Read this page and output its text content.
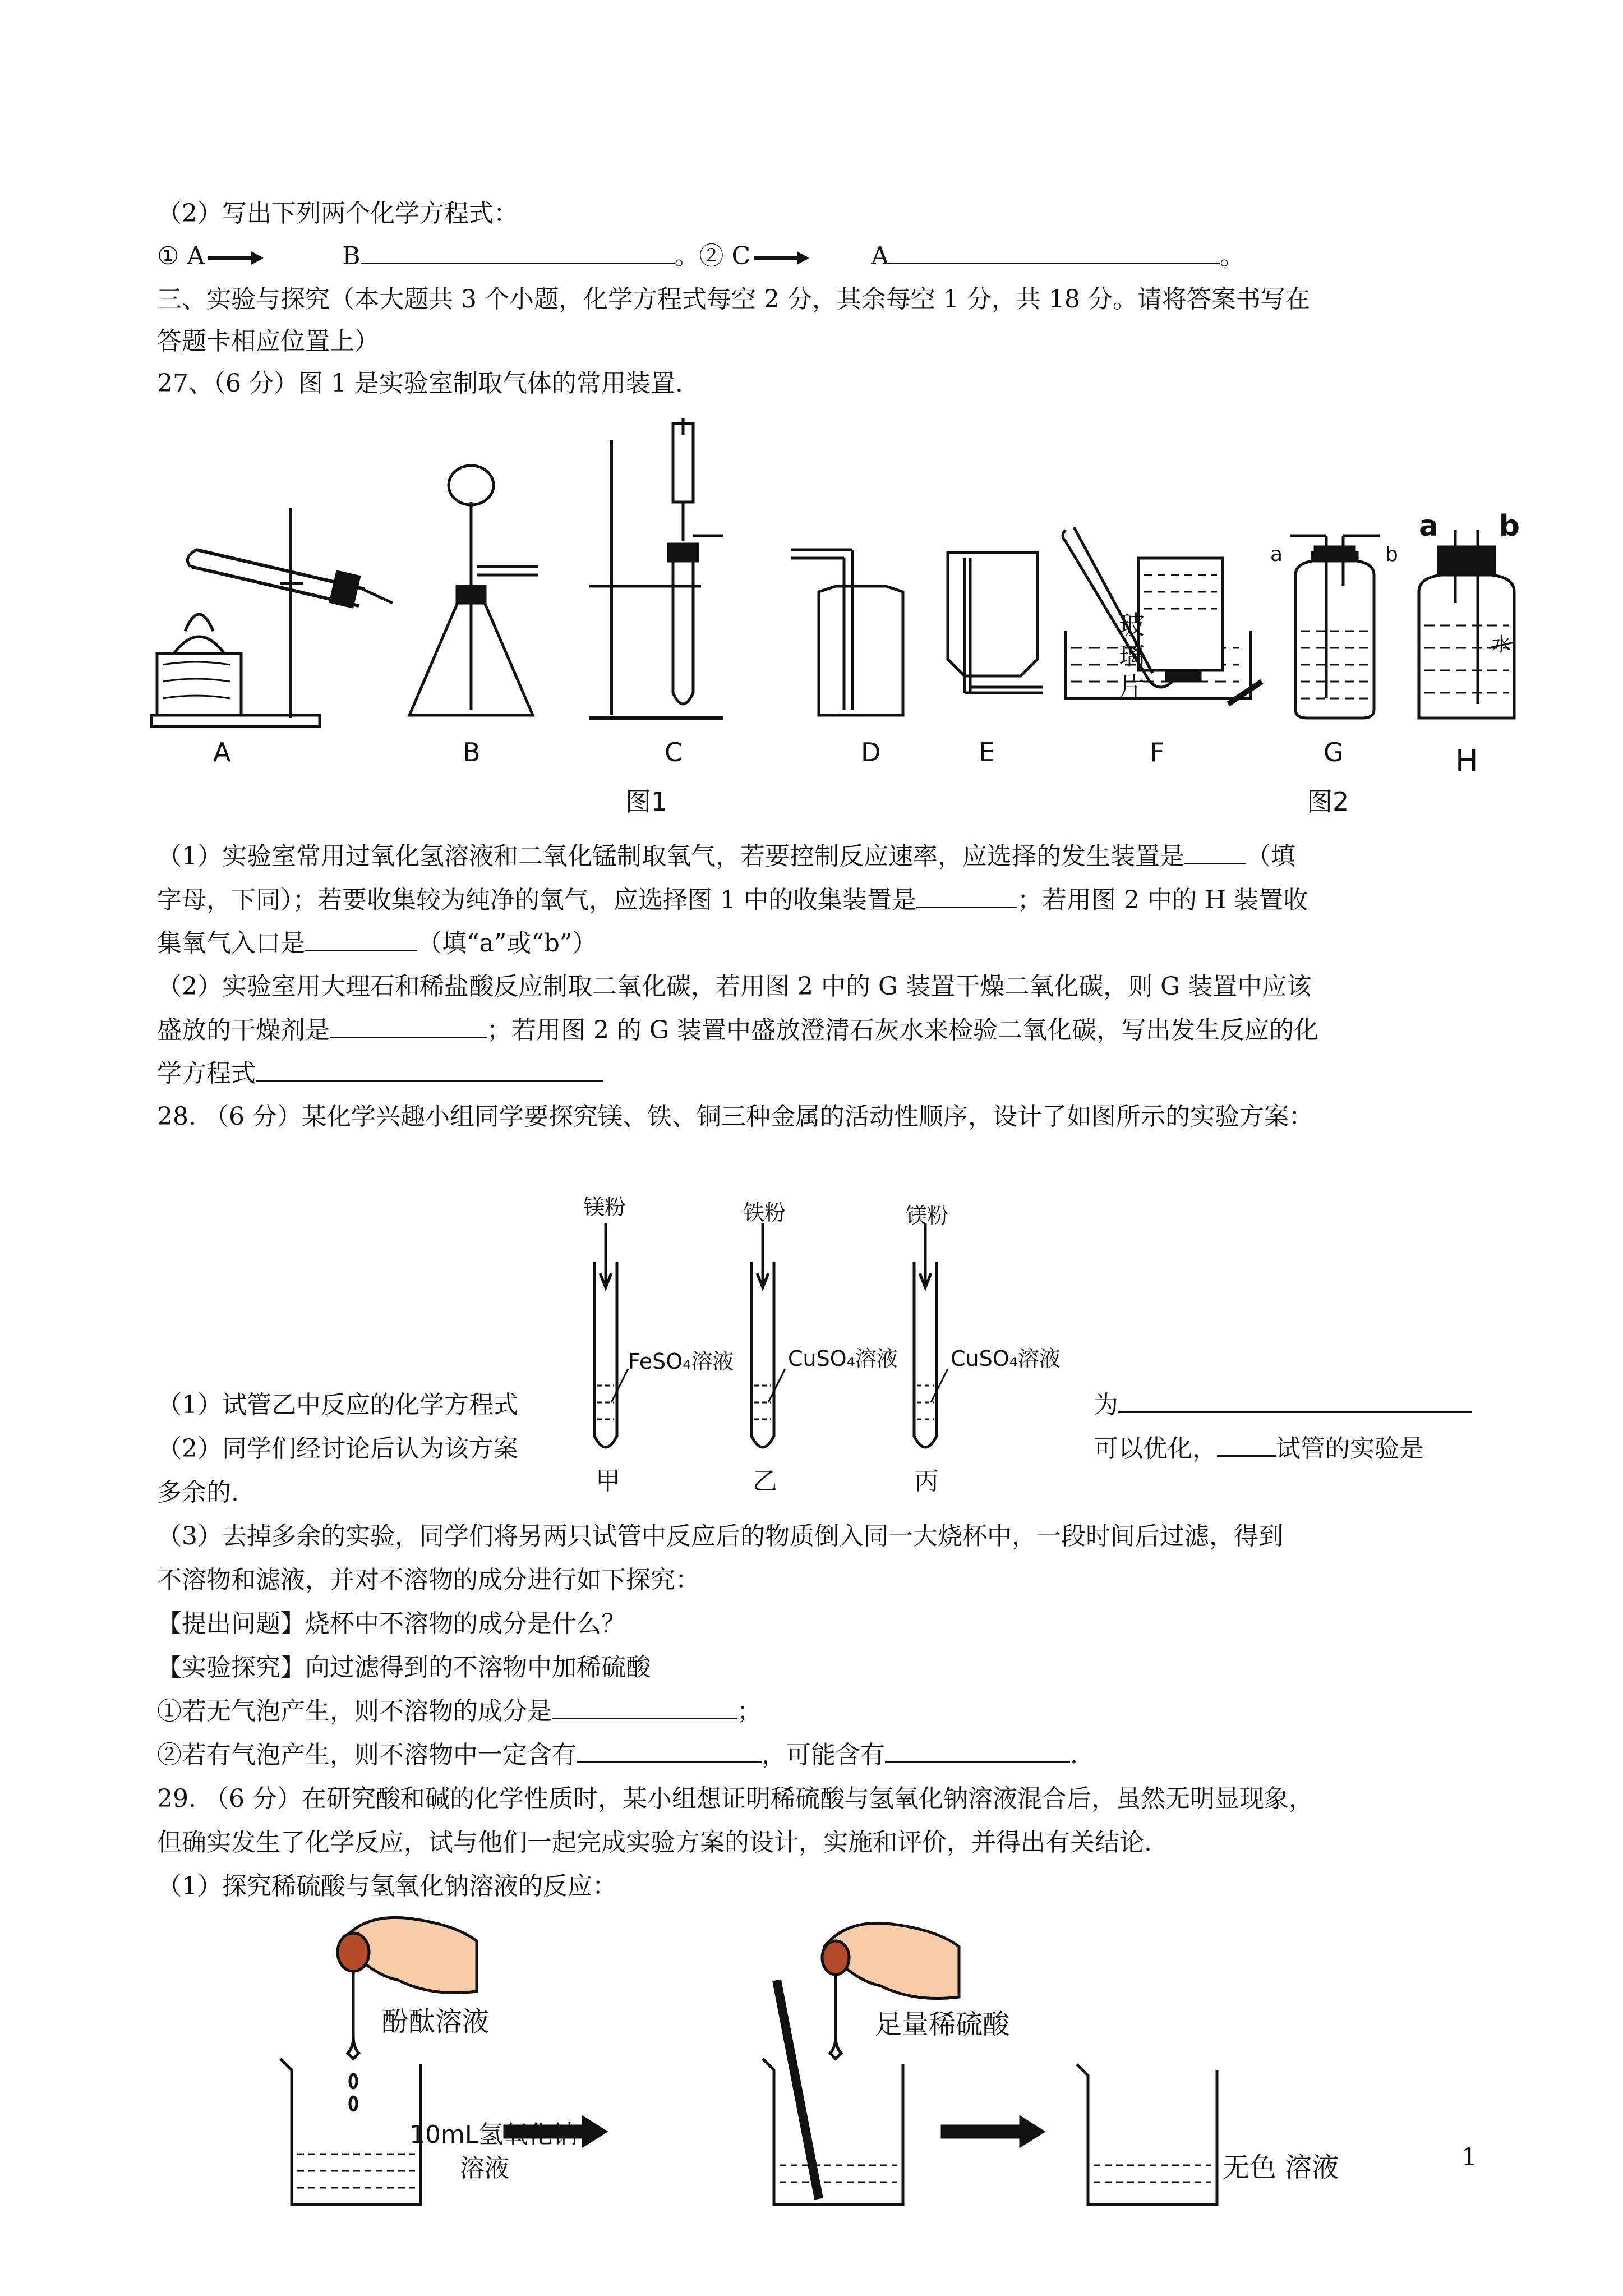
（2）写出下列两个化学方程式：
① A	B	。② C	A	。
三、实验与探究（本大题共 3 个小题，化学方程式每空 2 分，其余每空 1 分，共 18 分。请将答案书写在
答题卡相应位置上）
27、（6 分）图 1 是实验室制取气体的常用装置.
A	B	C	D	E	F	G	H
图1	图2
玻
璃
片
a	b
a b
水
（1）实验室常用过氧化氢溶液和二氧化锰制取氧气，若要控制反应速率，应选择的发生装置是	（填
字母，下同）；若要收集较为纯净的氧气，应选择图 1 中的收集装置是	；若用图 2 中的 H 装置收
集氧气入口是	（填“a”或“b”）
（2）实验室用大理石和稀盐酸反应制取二氧化碳，若用图 2 中的 G 装置干燥二氧化碳，则 G 装置中应该
盛放的干燥剂是	；若用图 2 的 G 装置中盛放澄清石灰水来检验二氧化碳，写出发生反应的化
学方程式
28. （6 分）某化学兴趣小组同学要探究镁、铁、铜三种金属的活动性顺序，设计了如图所示的实验方案：
镁粉	铁粉	镁粉
FeSO₄溶液	CuSO₄溶液 CuSO₄溶液
甲	乙	丙
（1）试管乙中反应的化学方程式	为
（2）同学们经讨论后认为该方案	可以优化， 试管的实验是
多余的.
（3）去掉多余的实验，同学们将另两只试管中反应后的物质倒入同一大烧杯中，一段时间后过滤，得到
不溶物和滤液，并对不溶物的成分进行如下探究：
【提出问题】烧杯中不溶物的成分是什么？
【实验探究】向过滤得到的不溶物中加稀硫酸
①若无气泡产生，则不溶物的成分是	；
②若有气泡产生，则不溶物中一定含有	，可能含有	.
29. （6 分）在研究酸和碱的化学性质时，某小组想证明稀硫酸与氢氧化钠溶液混合后，虽然无明显现象，
但确实发生了化学反应，试与他们一起完成实验方案的设计，实施和评价，并得出有关结论.
（1）探究稀硫酸与氢氧化钠溶液的反应：
酚酞溶液
10mL氢氧化钠
溶液
足量稀硫酸
无色 溶液	1
